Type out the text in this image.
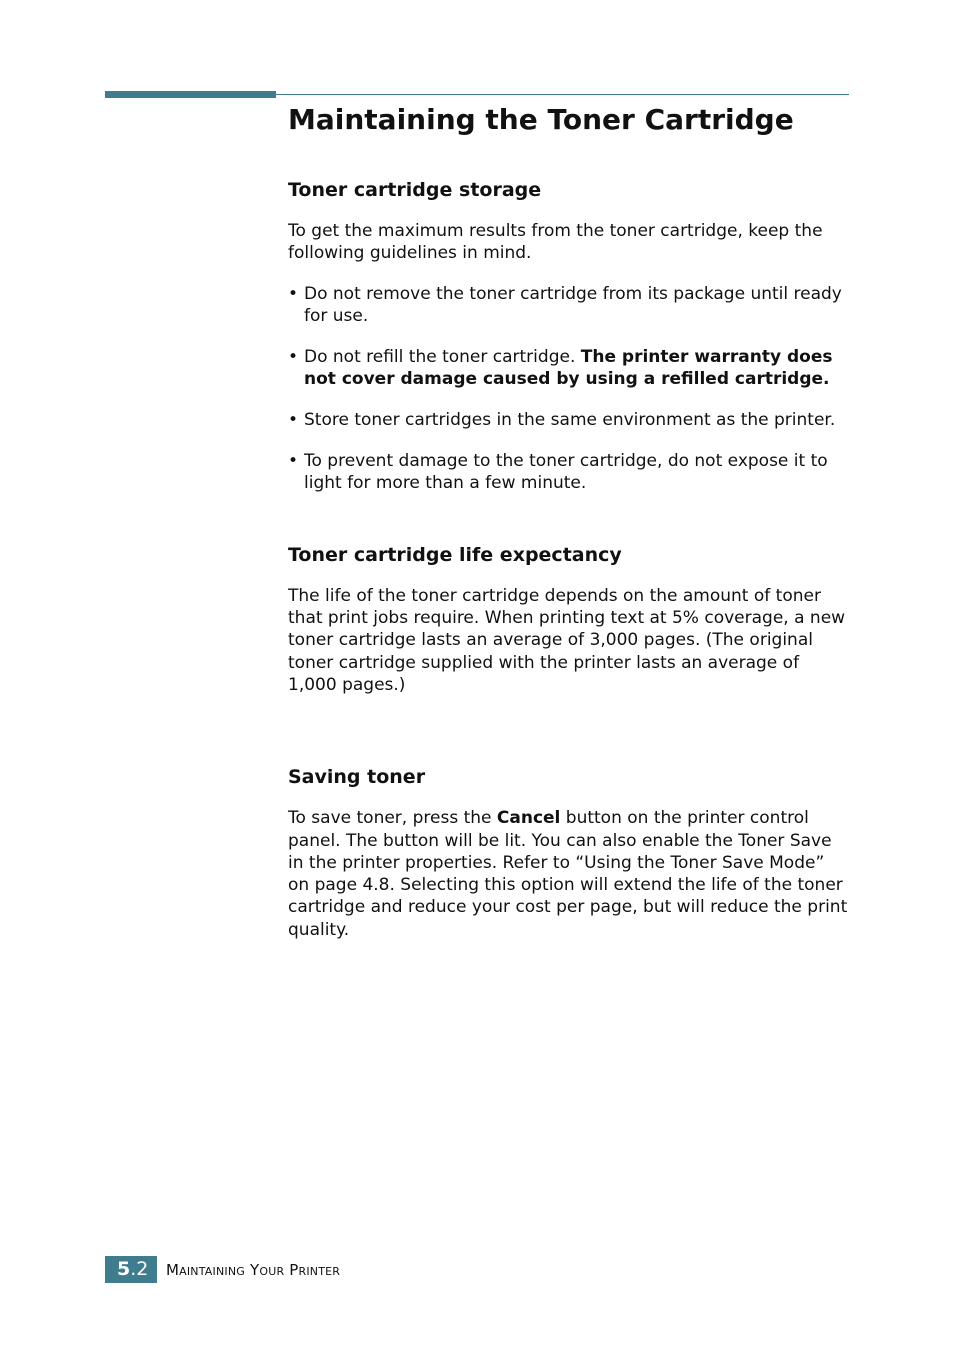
Maintaining the Toner Cartridge
Toner cartridge storage

To get the maximum results from the toner cartridge, keep the following guidelines in mind.

• Do not remove the toner cartridge from its package until ready for use.
• Do not refill the toner cartridge. The printer warranty does not cover damage caused by using a refilled cartridge.
• Store toner cartridges in the same environment as the printer.
• To prevent damage to the toner cartridge, do not expose it to light for more than a few minute.
Toner cartridge life expectancy

The life of the toner cartridge depends on the amount of toner that print jobs require. When printing text at 5% coverage, a new toner cartridge lasts an average of 3,000 pages. (The original toner cartridge supplied with the printer lasts an average of 1,000 pages.)

Saving toner

To save toner, press the Cancel button on the printer control panel. The button will be lit. You can also enable the Toner Save in the printer properties. Refer to “Using the Toner Save Mode” on page 4.8. Selecting this option will extend the life of the toner cartridge and reduce your cost per page, but will reduce the print quality.

5.2	Maintaining Your Printer
